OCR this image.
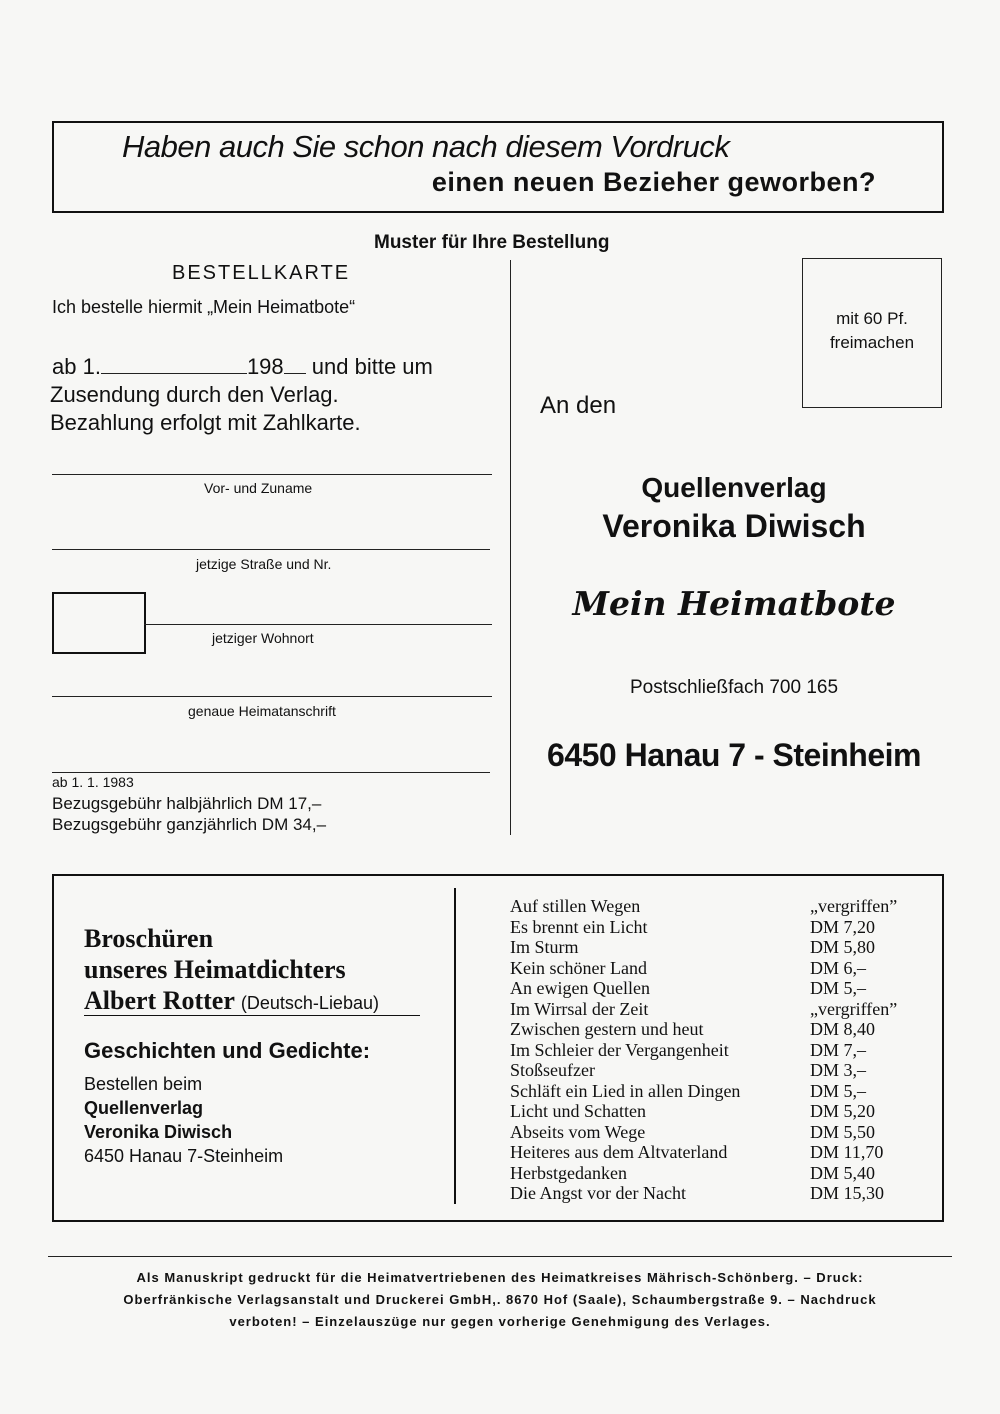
Haben auch Sie schon nach diesem Vordruck
einen neuen Bezieher geworben?
Muster für Ihre Bestellung
BESTELLKARTE
Ich bestelle hiermit „Mein Heimatbote“
ab 1.	198 und bitte um
Zusendung durch den Verlag.
Bezahlung erfolgt mit Zahlkarte.
Vor- und Zuname
jetzige Straße und Nr.
jetziger Wohnort
genaue Heimatanschrift
ab 1. 1. 1983
Bezugsgebühr halbjährlich DM 17,–
Bezugsgebühr ganzjährlich DM 34,–
mit 60 Pf.
freimachen
An den
Quellenverlag
Veronika Diwisch
Mein Heimatbote
Postschließfach 700 165
6450 Hanau 7 - Steinheim
Broschüren
unseres Heimatdichters
Albert Rotter (Deutsch-Liebau)
Geschichten und Gedichte:
Bestellen beim
Quellenverlag
Veronika Diwisch
6450 Hanau 7-Steinheim
Auf stillen Wegen	„vergriffen”
Es brennt ein Licht	DM 7,20
Im Sturm	DM 5,80
Kein schöner Land	DM 6,–
An ewigen Quellen	DM 5,–
Im Wirrsal der Zeit	„vergriffen”
Zwischen gestern und heut	DM 8,40
Im Schleier der Vergangenheit	DM 7,–
Stoßseufzer	DM 3,–
Schläft ein Lied in allen Dingen	DM 5,–
Licht und Schatten	DM 5,20
Abseits vom Wege	DM 5,50
Heiteres aus dem Altvaterland	DM 11,70
Herbstgedanken	DM 5,40
Die Angst vor der Nacht	DM 15,30
Als Manuskript gedruckt für die Heimatvertriebenen des Heimatkreises Mährisch-Schönberg. – Druck:
Oberfränkische Verlagsanstalt und Druckerei GmbH,. 8670 Hof (Saale), Schaumbergstraße 9. – Nachdruck
verboten! – Einzelauszüge nur gegen vorherige Genehmigung des Verlages.
